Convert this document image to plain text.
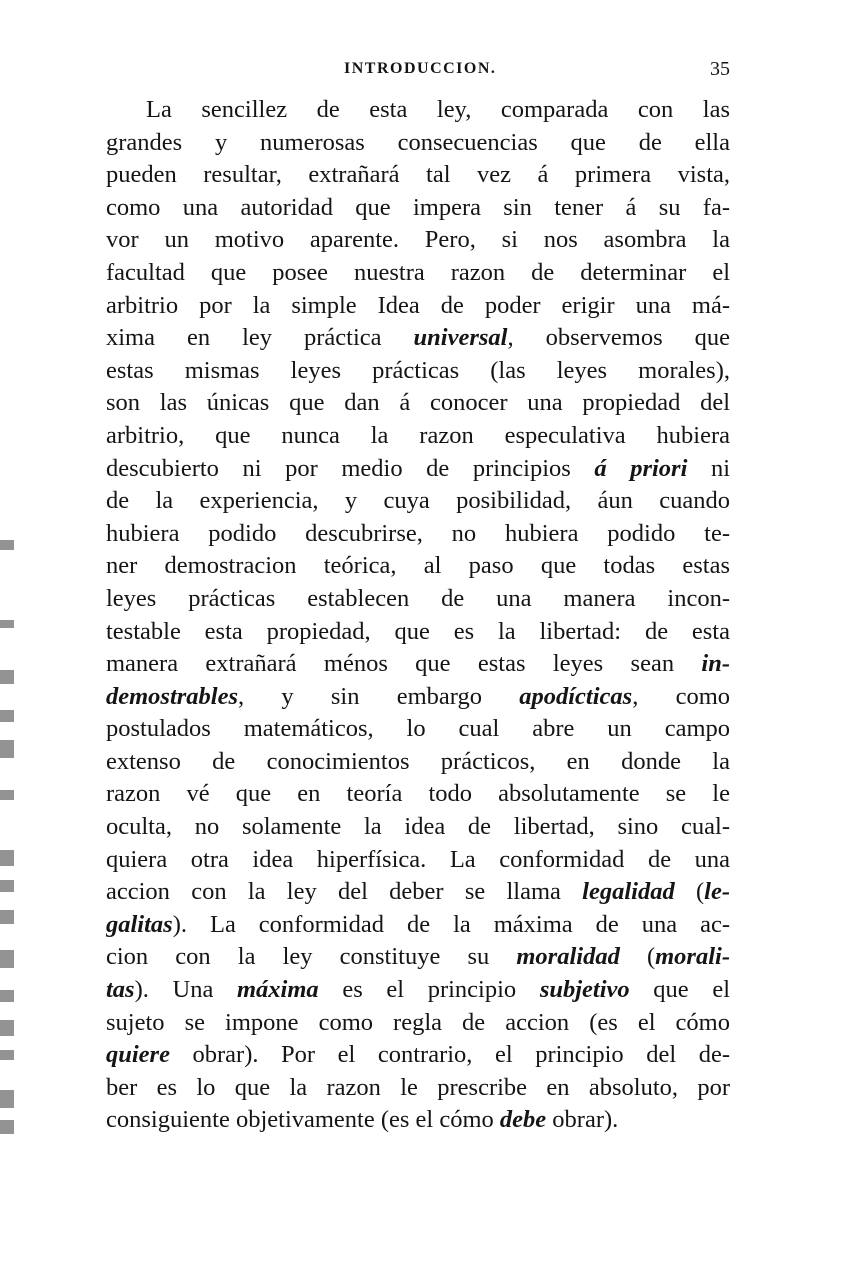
INTRODUCCION.	35
La sencillez de esta ley, comparada con las
grandes y numerosas consecuencias que de ella
pueden resultar, extrañará tal vez á primera vista,
como una autoridad que impera sin tener á su fa-
vor un motivo aparente. Pero, si nos asombra la
facultad que posee nuestra razon de determinar el
arbitrio por la simple Idea de poder erigir una má-
xima en ley práctica universal, observemos que
estas mismas leyes prácticas (las leyes morales),
son las únicas que dan á conocer una propiedad del
arbitrio, que nunca la razon especulativa hubiera
descubierto ni por medio de principios á priori ni
de la experiencia, y cuya posibilidad, áun cuando
hubiera podido descubrirse, no hubiera podido te-
ner demostracion teórica, al paso que todas estas
leyes prácticas establecen de una manera incon-
testable esta propiedad, que es la libertad: de esta
manera extrañará ménos que estas leyes sean in-
demostrables, y sin embargo apodícticas, como
postulados matemáticos, lo cual abre un campo
extenso de conocimientos prácticos, en donde la
razon vé que en teoría todo absolutamente se le
oculta, no solamente la idea de libertad, sino cual-
quiera otra idea hiperfísica. La conformidad de una
accion con la ley del deber se llama legalidad (le-
galitas). La conformidad de la máxima de una ac-
cion con la ley constituye su moralidad (morali-
tas). Una máxima es el principio subjetivo que el
sujeto se impone como regla de accion (es el cómo
quiere obrar). Por el contrario, el principio del de-
ber es lo que la razon le prescribe en absoluto, por
consiguiente objetivamente (es el cómo debe obrar).
